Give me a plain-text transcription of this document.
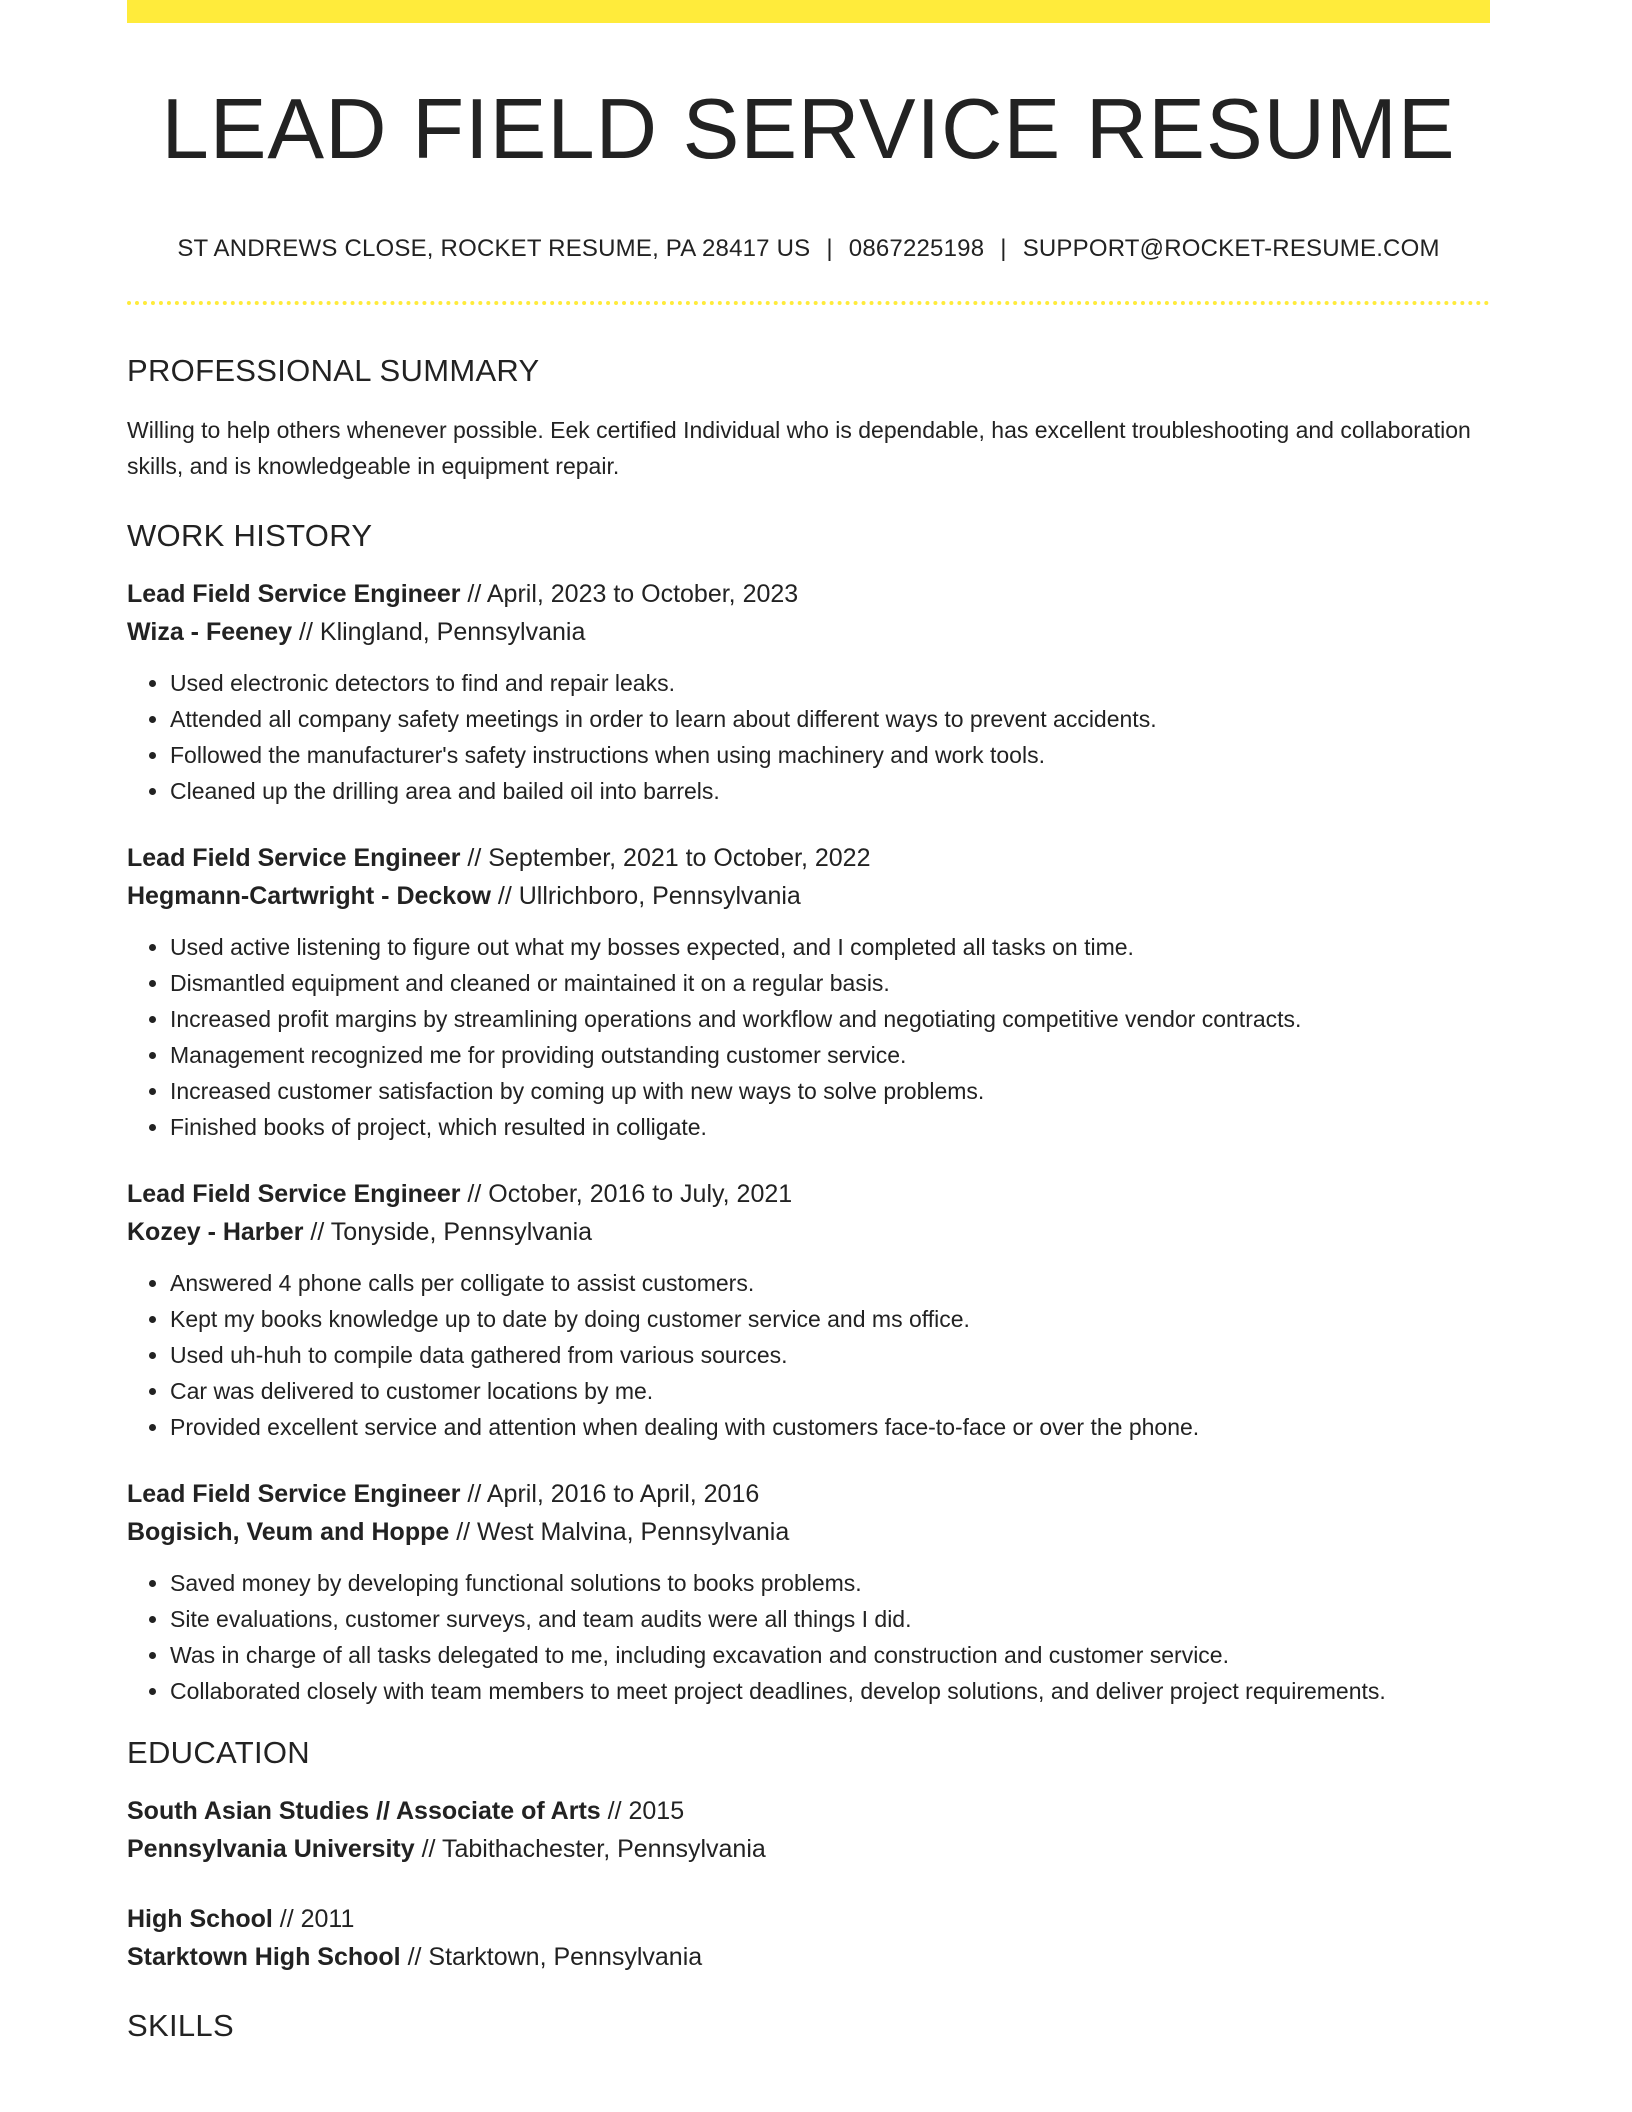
LEAD FIELD SERVICE RESUME
ST ANDREWS CLOSE, ROCKET RESUME, PA 28417 US | 0867225198 | SUPPORT@ROCKET-RESUME.COM
PROFESSIONAL SUMMARY

Willing to help others whenever possible. Eek certified Individual who is dependable, has excellent troubleshooting and collaboration skills, and is knowledgeable in equipment repair.

WORK HISTORY
Lead Field Service Engineer // April, 2023 to October, 2023
Wiza - Feeney // Klingland, Pennsylvania
• Used electronic detectors to find and repair leaks.
• Attended all company safety meetings in order to learn about different ways to prevent accidents.
• Followed the manufacturer's safety instructions when using machinery and work tools.
• Cleaned up the drilling area and bailed oil into barrels.
Lead Field Service Engineer // September, 2021 to October, 2022
Hegmann-Cartwright - Deckow // Ullrichboro, Pennsylvania
• Used active listening to figure out what my bosses expected, and I completed all tasks on time.
• Dismantled equipment and cleaned or maintained it on a regular basis.
• Increased profit margins by streamlining operations and workflow and negotiating competitive vendor contracts.
• Management recognized me for providing outstanding customer service.
• Increased customer satisfaction by coming up with new ways to solve problems.
• Finished books of project, which resulted in colligate.
Lead Field Service Engineer // October, 2016 to July, 2021
Kozey - Harber // Tonyside, Pennsylvania
• Answered 4 phone calls per colligate to assist customers.
• Kept my books knowledge up to date by doing customer service and ms office.
• Used uh-huh to compile data gathered from various sources.
• Car was delivered to customer locations by me.
• Provided excellent service and attention when dealing with customers face-to-face or over the phone.
Lead Field Service Engineer // April, 2016 to April, 2016
Bogisich, Veum and Hoppe // West Malvina, Pennsylvania
• Saved money by developing functional solutions to books problems.
• Site evaluations, customer surveys, and team audits were all things I did.
• Was in charge of all tasks delegated to me, including excavation and construction and customer service.
• Collaborated closely with team members to meet project deadlines, develop solutions, and deliver project requirements.
EDUCATION
South Asian Studies // Associate of Arts // 2015
Pennsylvania University // Tabithachester, Pennsylvania
High School // 2011
Starktown High School // Starktown, Pennsylvania
SKILLS
